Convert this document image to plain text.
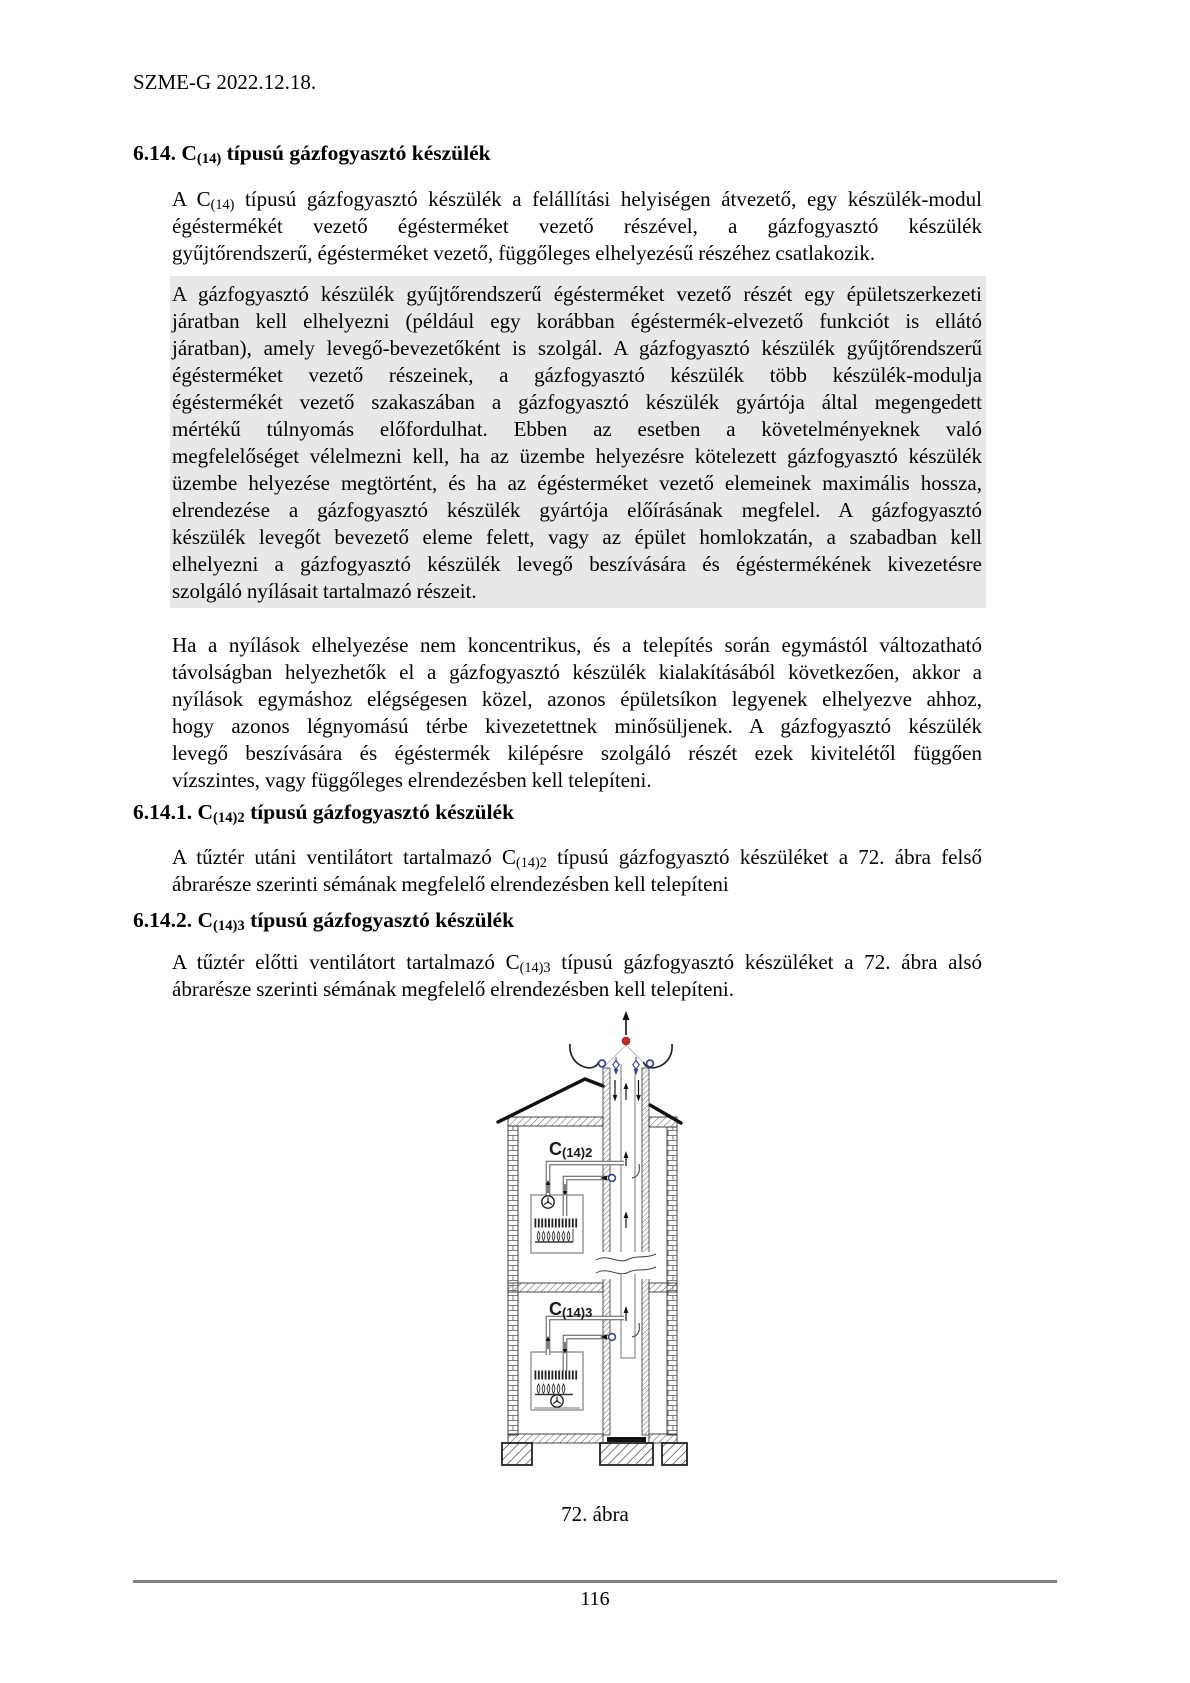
SZME-G 2022.12.18.
6.14. $C_{(14)}$ típusú gázfogyasztó készülék
A $C_{(14)}$ típusú gázfogyasztó készülék a felállítási helyiségen átvezető, egy készülék-modul
égéstermékét vezető égésterméket vezető részével, a gázfogyasztó készülék
gyűjtőrendszerű, égésterméket vezető, függőleges elhelyezésű részéhez csatlakozik.
A gázfogyasztó készülék gyűjtőrendszerű égésterméket vezető részét egy épületszerkezeti
járatban kell elhelyezni (például egy korábban égéstermék-elvezető funkciót is ellátó
járatban), amely levegő-bevezetőként is szolgál. A gázfogyasztó készülék gyűjtőrendszerű
égésterméket vezető részeinek, a gázfogyasztó készülék több készülék-modulja
égéstermékét vezető szakaszában a gázfogyasztó készülék gyártója által megengedett
mértékű túlnyomás előfordulhat. Ebben az esetben a követelményeknek való
megfelelőséget vélelmezni kell, ha az üzembe helyezésre kötelezett gázfogyasztó készülék
üzembe helyezése megtörtént, és ha az égésterméket vezető elemeinek maximális hossza,
elrendezése a gázfogyasztó készülék gyártója előírásának megfelel. A gázfogyasztó
készülék levegőt bevezető eleme felett, vagy az épület homlokzatán, a szabadban kell
elhelyezni a gázfogyasztó készülék levegő beszívására és égéstermékének kivezetésre
szolgáló nyílásait tartalmazó részeit.
Ha a nyílások elhelyezése nem koncentrikus, és a telepítés során egymástól változatható
távolságban helyezhetők el a gázfogyasztó készülék kialakításából következően, akkor a
nyílások egymáshoz elégségesen közel, azonos épületsíkon legyenek elhelyezve ahhoz,
hogy azonos légnyomású térbe kivezetettnek minősüljenek. A gázfogyasztó készülék
levegő beszívására és égéstermék kilépésre szolgáló részét ezek kivitelétől függően
vízszintes, vagy függőleges elrendezésben kell telepíteni.
6.14.1. $C_{(14)2}$ típusú gázfogyasztó készülék
A tűztér utáni ventilátort tartalmazó $C_{(14)2}$ típusú gázfogyasztó készüléket a 72. ábra felső
ábrarésze szerinti sémának megfelelő elrendezésben kell telepíteni
6.14.2. $C_{(14)3}$ típusú gázfogyasztó készülék
A tűztér előtti ventilátort tartalmazó $C_{(14)3}$ típusú gázfogyasztó készüléket a 72. ábra alsó
ábrarésze szerinti sémának megfelelő elrendezésben kell telepíteni.
$C_{(14)2}$
$C_{(14)3}$
72. ábra
116
